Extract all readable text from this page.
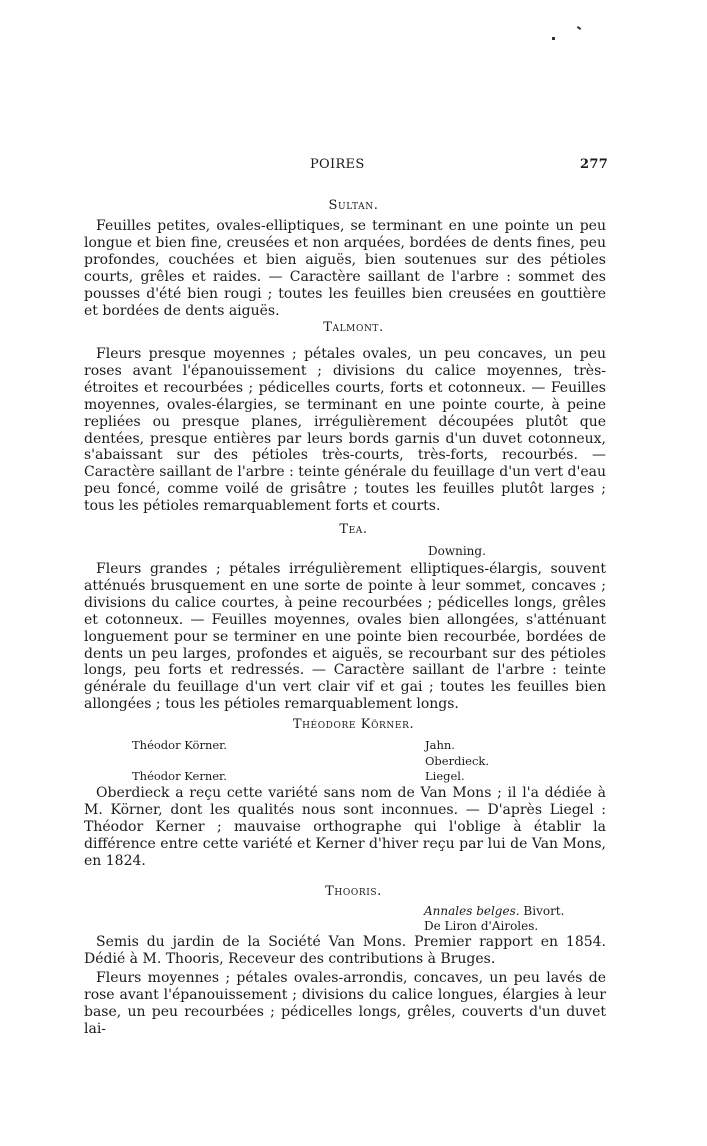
POIRES	277
Sultan.

Feuilles petites, ovales-elliptiques, se terminant en une pointe un peu longue et bien fine, creusées et non arquées, bordées de dents fines, peu profondes, couchées et bien aiguës, bien soutenues sur des pétioles courts, grêles et raides. — Caractère saillant de l'arbre : sommet des pousses d'été bien rougi ; toutes les feuilles bien creusées en gouttière et bordées de dents aiguës.

Talmont.

Fleurs presque moyennes ; pétales ovales, un peu concaves, un peu roses avant l'épanouissement ; divisions du calice moyennes, très-étroites et recourbées ; pédicelles courts, forts et cotonneux. — Feuilles moyennes, ovales-élargies, se terminant en une pointe courte, à peine repliées ou presque planes, irrégulièrement découpées plutôt que dentées, presque entières par leurs bords garnis d'un duvet cotonneux, s'abaissant sur des pétioles très-courts, très-forts, recourbés. — Caractère saillant de l'arbre : teinte générale du feuillage d'un vert d'eau peu foncé, comme voilé de grisâtre ; toutes les feuilles plutôt larges ; tous les pétioles remarquablement forts et courts.

Tea.
Downing.

Fleurs grandes ; pétales irrégulièrement elliptiques-élargis, souvent atténués brusquement en une sorte de pointe à leur sommet, concaves ; divisions du calice courtes, à peine recourbées ; pédicelles longs, grêles et cotonneux. — Feuilles moyennes, ovales bien allongées, s'atténuant longuement pour se terminer en une pointe bien recourbée, bordées de dents un peu larges, profondes et aiguës, se recourbant sur des pétioles longs, peu forts et redressés. — Caractère saillant de l'arbre : teinte générale du feuillage d'un vert clair vif et gai ; toutes les feuilles bien allongées ; tous les pétioles remarquablement longs.

Théodore Körner.
Théodor Körner.	Jahn.
Oberdieck.
Théodor Kerner.	Liegel.

Oberdieck a reçu cette variété sans nom de Van Mons ; il l'a dédiée à M. Körner, dont les qualités nous sont inconnues. — D'après Liegel : Théodor Kerner ; mauvaise orthographe qui l'oblige à établir la différence entre cette variété et Kerner d'hiver reçu par lui de Van Mons, en 1824.

Thooris.
Annales belges. Bivort.
De Liron d'Airoles.

Semis du jardin de la Société Van Mons. Premier rapport en 1854. Dédié à M. Thooris, Receveur des contributions à Bruges.

Fleurs moyennes ; pétales ovales-arrondis, concaves, un peu lavés de rose avant l'épanouissement ; divisions du calice longues, élargies à leur base, un peu recourbées ; pédicelles longs, grêles, couverts d'un duvet lai-
